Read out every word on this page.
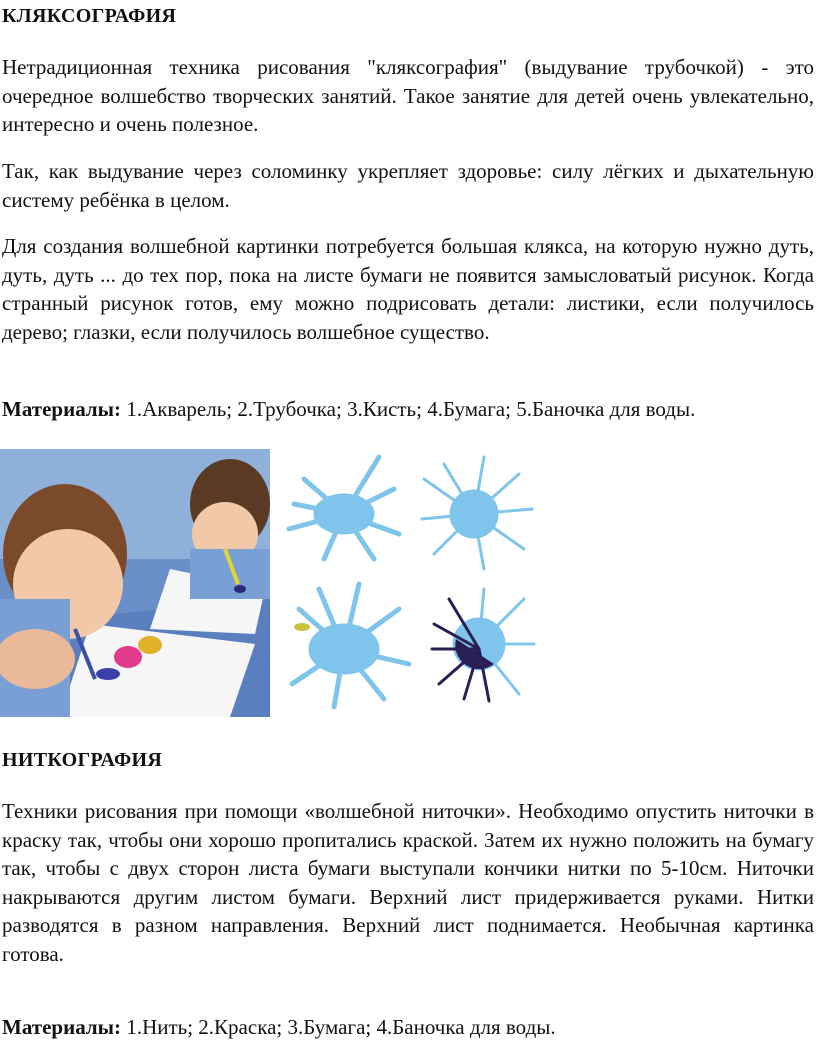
КЛЯКСОГРАФИЯ

Нетрадиционная техника рисования "кляксография" (выдувание трубочкой) - это очередное волшебство творческих занятий. Такое занятие для детей очень увлекательно, интересно и очень полезное.

Так, как выдувание через соломинку укрепляет здоровье: силу лёгких и дыхательную систему ребёнка в целом.

Для создания волшебной картинки потребуется большая клякса, на которую нужно дуть, дуть, дуть ... до тех пор, пока на листе бумаги не появится замысловатый рисунок. Когда странный рисунок готов, ему можно подрисовать детали: листики, если получилось дерево; глазки, если получилось волшебное существо.

Материалы: 1.Акварель; 2.Трубочка; 3.Кисть; 4.Бумага; 5.Баночка для воды.

НИТКОГРАФИЯ

Техники рисования при помощи «волшебной ниточки». Необходимо опустить ниточки в краску так, чтобы они хорошо пропитались краской. Затем их нужно положить на бумагу так, чтобы с двух сторон листа бумаги выступали кончики нитки по 5-10см. Ниточки накрываются другим листом бумаги. Верхний лист придерживается руками. Нитки разводятся в разном направления. Верхний лист поднимается. Необычная картинка готова.

Материалы: 1.Нить; 2.Краска; 3.Бумага; 4.Баночка для воды.
